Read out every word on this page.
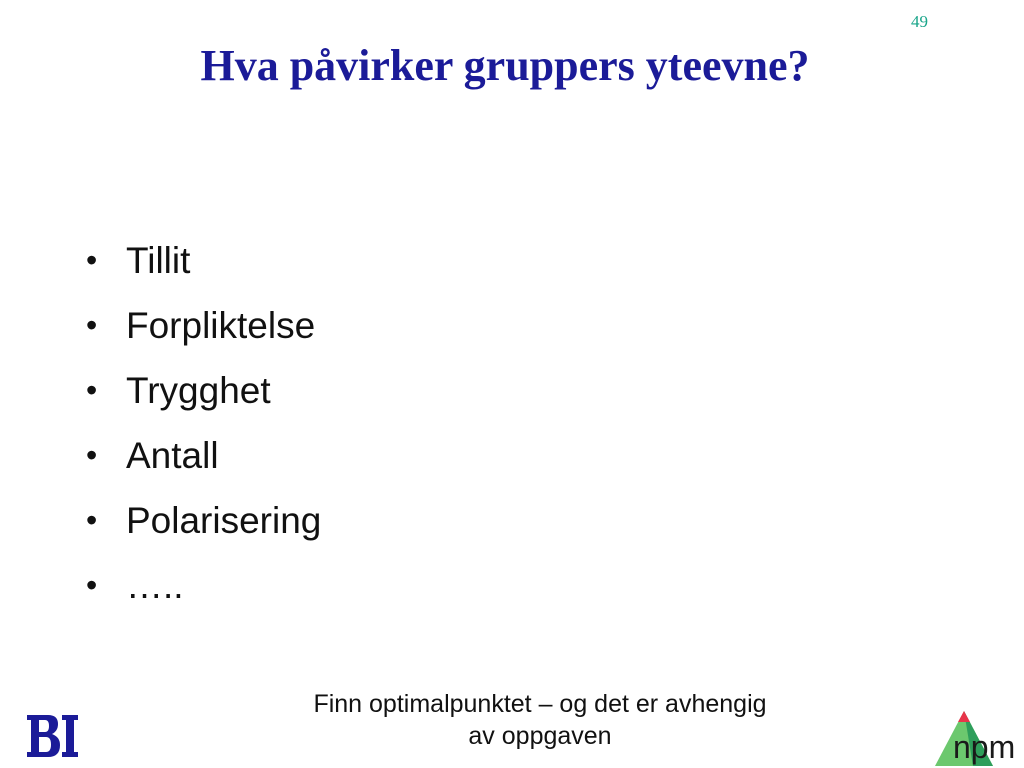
49
Hva påvirker gruppers yteevne?
• Tillit
• Forpliktelse
• Trygghet
• Antall
• Polarisering
• …..
Finn optimalpunktet – og det er avhengig
av oppgaven	npm
